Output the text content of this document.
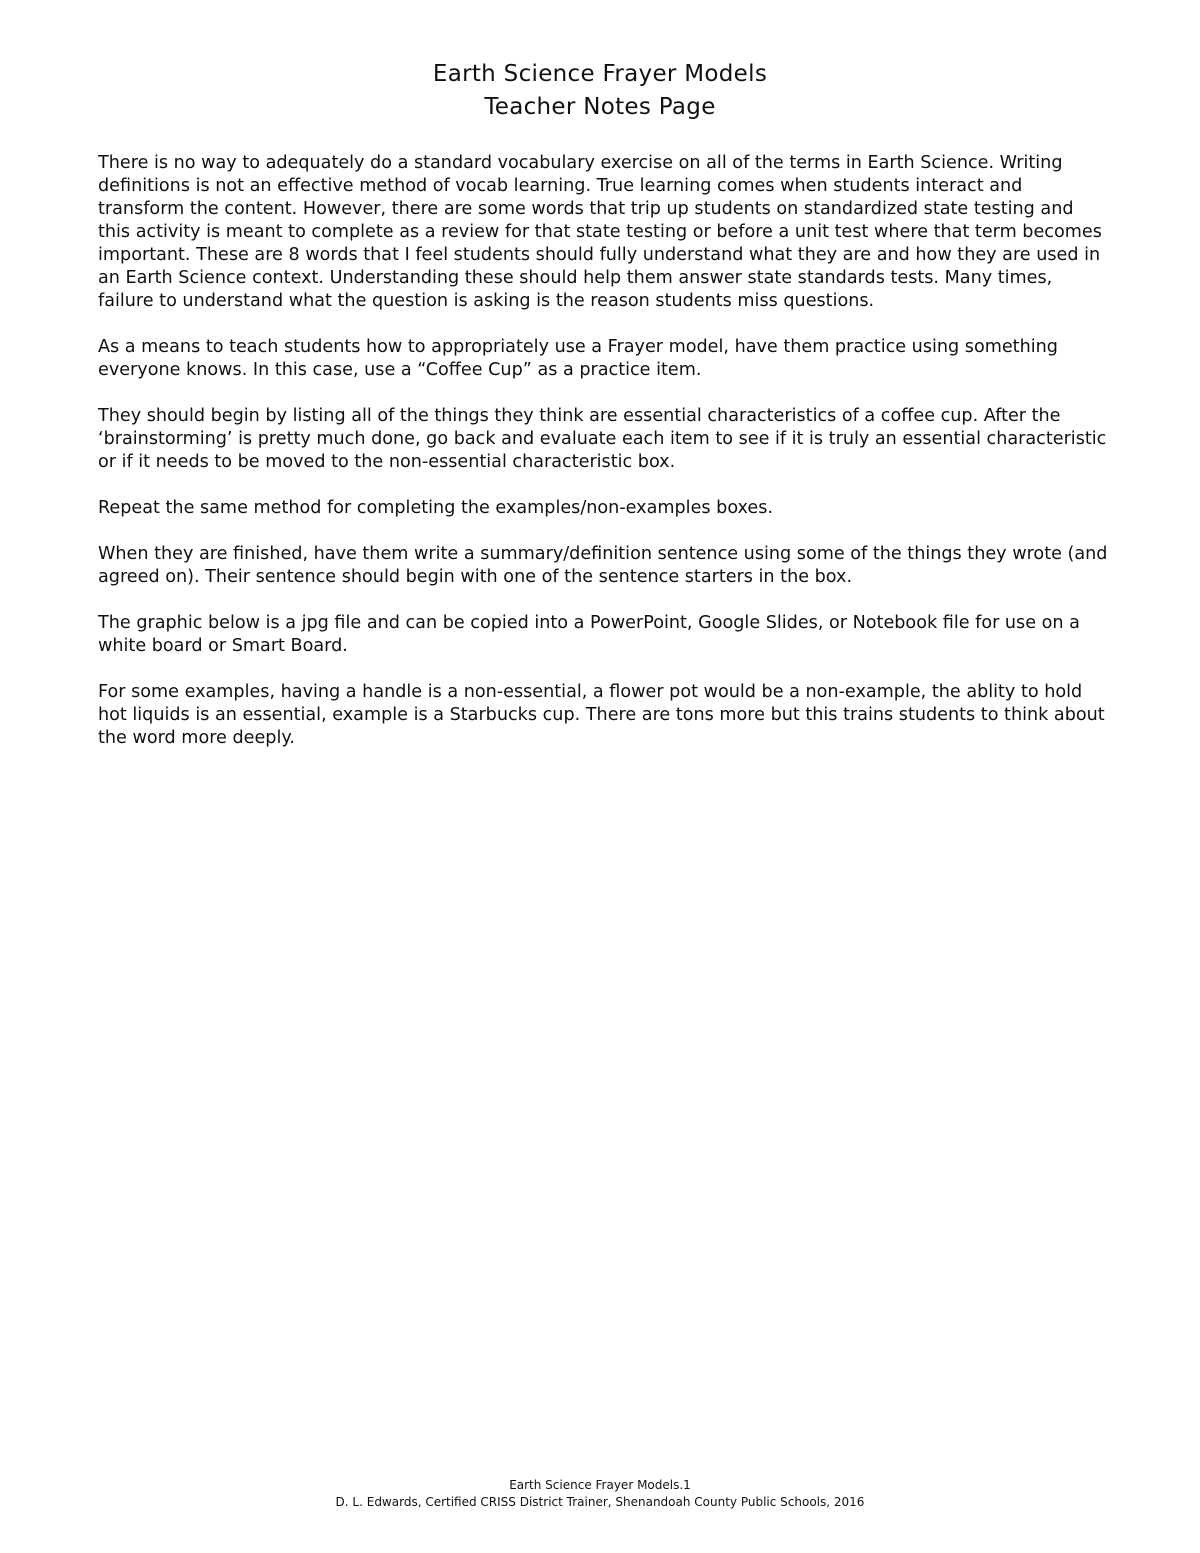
Earth Science Frayer Models
Teacher Notes Page

There is no way to adequately do a standard vocabulary exercise on all of the terms in Earth Science. Writing definitions is not an effective method of vocab learning. True learning comes when students interact and transform the content. However, there are some words that trip up students on standardized state testing and this activity is meant to complete as a review for that state testing or before a unit test where that term becomes important. These are 8 words that I feel students should fully understand what they are and how they are used in an Earth Science context. Understanding these should help them answer state standards tests. Many times, failure to understand what the question is asking is the reason students miss questions.

As a means to teach students how to appropriately use a Frayer model, have them practice using something everyone knows. In this case, use a “Coffee Cup” as a practice item.

They should begin by listing all of the things they think are essential characteristics of a coffee cup. After the ‘brainstorming’ is pretty much done, go back and evaluate each item to see if it is truly an essential characteristic or if it needs to be moved to the non-essential characteristic box.

Repeat the same method for completing the examples/non-examples boxes.

When they are finished, have them write a summary/definition sentence using some of the things they wrote (and agreed on). Their sentence should begin with one of the sentence starters in the box.

The graphic below is a jpg file and can be copied into a PowerPoint, Google Slides, or Notebook file for use on a white board or Smart Board.

For some examples, having a handle is a non-essential, a flower pot would be a non-example, the ablity to hold hot liquids is an essential, example is a Starbucks cup. There are tons more but this trains students to think about the word more deeply.

Earth Science Frayer Models.1
D. L. Edwards, Certified CRISS District Trainer, Shenandoah County Public Schools, 2016
